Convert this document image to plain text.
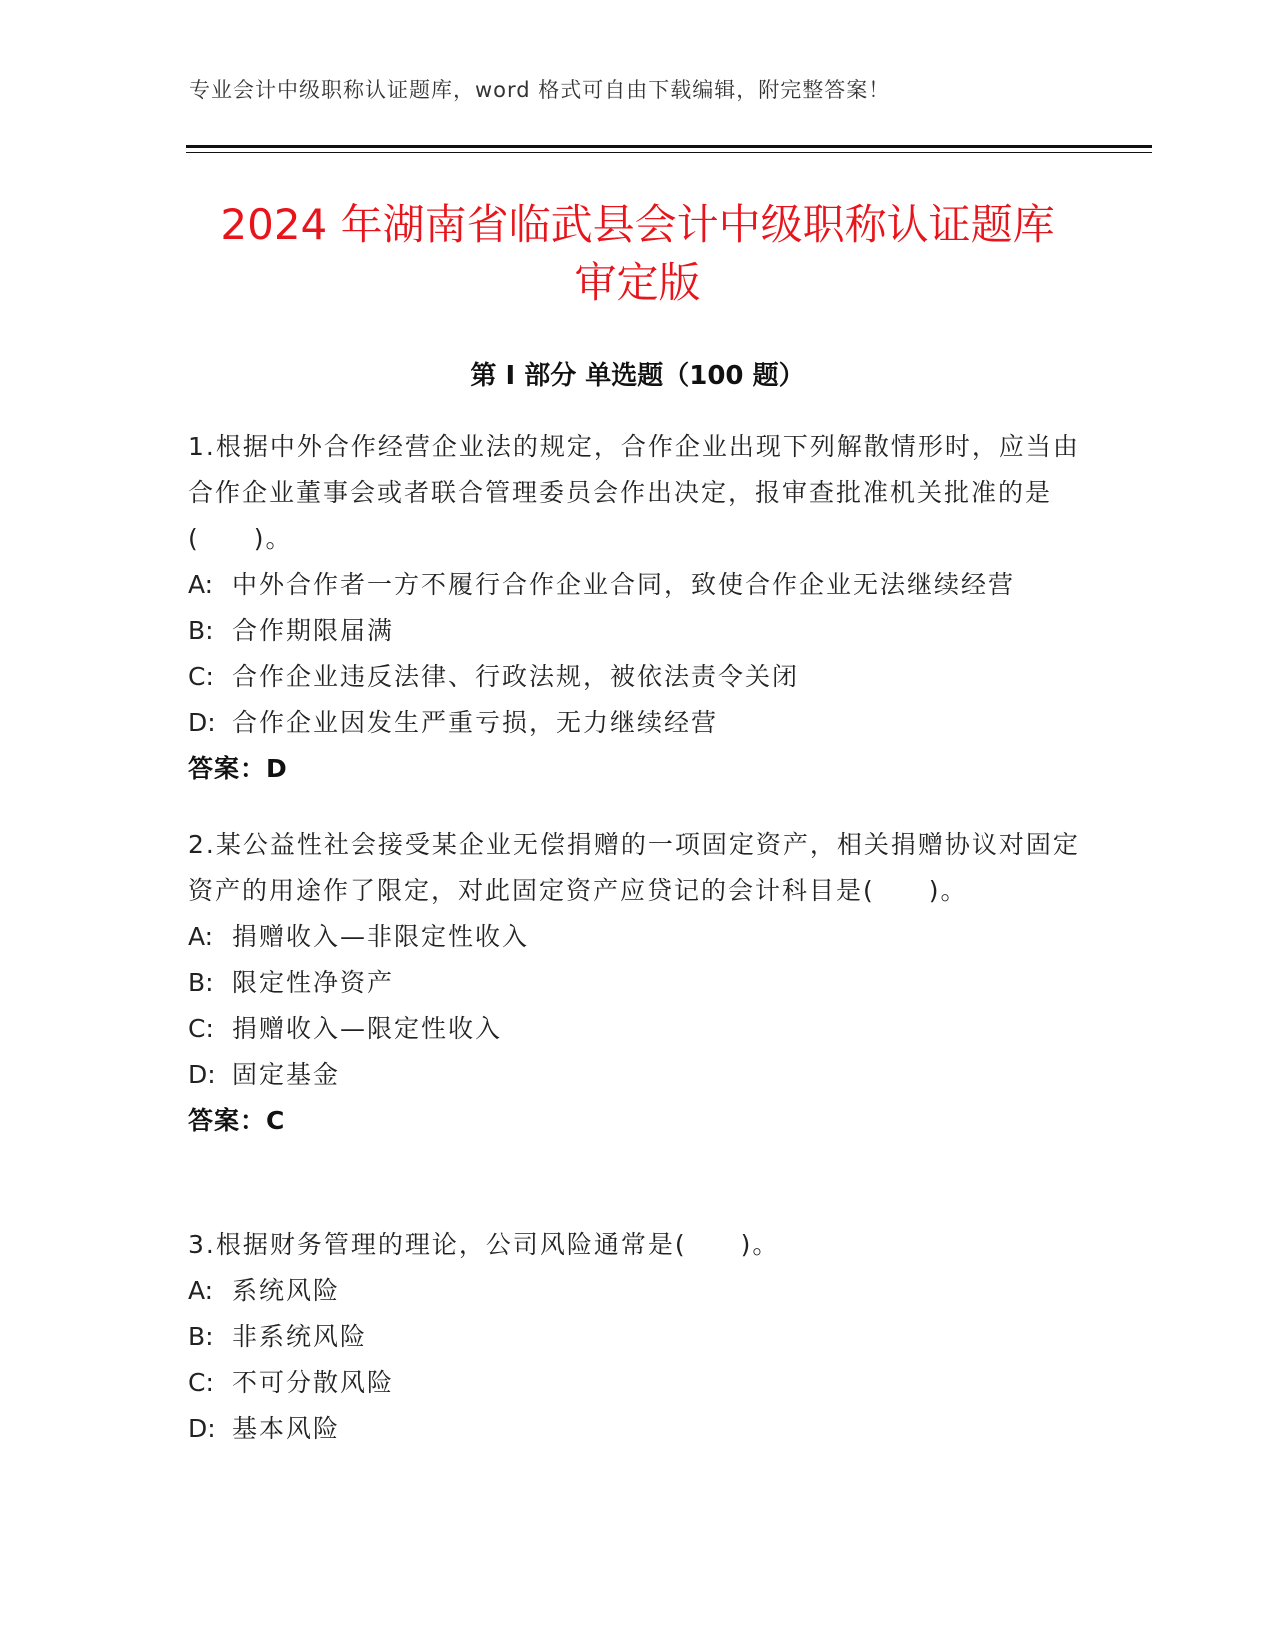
专业会计中级职称认证题库，word 格式可自由下载编辑，附完整答案！
2024 年湖南省临武县会计中级职称认证题库
审定版
第 I 部分 单选题（100 题）

1.根据中外合作经营企业法的规定，合作企业出现下列解散情形时，应当由合作企业董事会或者联合管理委员会作出决定，报审查批准机关批准的是(　　)。

A: 中外合作者一方不履行合作企业合同，致使合作企业无法继续经营

B: 合作期限届满

C: 合作企业违反法律、行政法规，被依法责令关闭

D: 合作企业因发生严重亏损，无力继续经营

答案：D

2.某公益性社会接受某企业无偿捐赠的一项固定资产，相关捐赠协议对固定资产的用途作了限定，对此固定资产应贷记的会计科目是(　　)。

A: 捐赠收入—非限定性收入

B: 限定性净资产

C: 捐赠收入—限定性收入

D: 固定基金

答案：C

3.根据财务管理的理论，公司风险通常是(　　)。

A: 系统风险

B: 非系统风险

C: 不可分散风险

D: 基本风险
